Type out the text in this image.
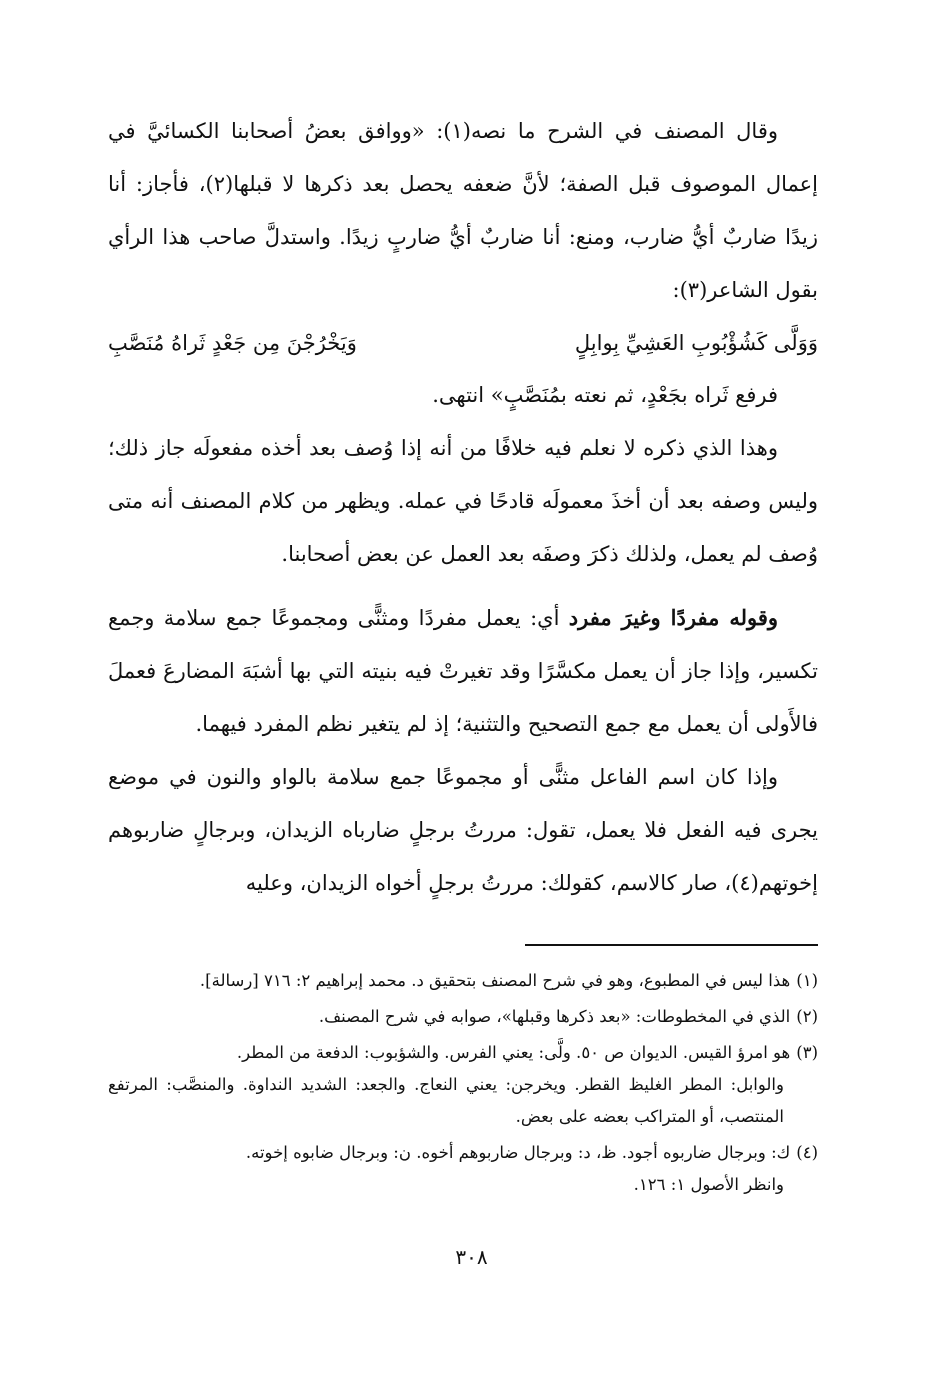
وقال المصنف في الشرح ما نصه(١): «ووافق بعضُ أصحابنا الكسائيَّ في إعمال الموصوف قبل الصفة؛ لأنَّ ضعفه يحصل بعد ذكرها لا قبلها(٢)، فأجاز: أنا زيدًا ضاربٌ أيُّ ضارب، ومنع: أنا ضاربٌ أيُّ ضاربٍ زيدًا. واستدلَّ صاحب هذا الرأي بقول الشاعر(٣):

وَوَلَّى كَشُؤْبُوبِ العَشِيِّ بِوابِلٍ
وَيَخْرُجْنَ مِن جَعْدٍ ثَراهُ مُنَصَّبِ

فرفع ثَراه بجَعْدٍ، ثم نعته بمُنَصَّبٍ» انتهى.

وهذا الذي ذكره لا نعلم فيه خلافًا من أنه إذا وُصف بعد أخذه مفعولَه جاز ذلك؛ وليس وصفه بعد أن أخذَ معمولَه قادحًا في عمله. ويظهر من كلام المصنف أنه متى وُصف لم يعمل، ولذلك ذكرَ وصفَه بعد العمل عن بعض أصحابنا.

وقوله مفردًا وغيرَ مفرد أي: يعمل مفردًا ومثنًّى ومجموعًا جمع سلامة وجمع تكسير، وإذا جاز أن يعمل مكسَّرًا وقد تغيرتْ فيه بنيته التي بها أشبَهَ المضارعَ فعملَ فالأَولى أن يعمل مع جمع التصحيح والتثنية؛ إذ لم يتغير نظم المفرد فيهما.

وإذا كان اسم الفاعل مثنًّى أو مجموعًا جمع سلامة بالواو والنون في موضع يجرى فيه الفعل فلا يعمل، تقول: مررتُ برجلٍ ضارباه الزيدان، وبرجالٍ ضاربوهم إخوتهم(٤)، صار كالاسم، كقولك: مررتُ برجلٍ أخواه الزيدان، وعليه

(١)هذا ليس في المطبوع، وهو في شرح المصنف بتحقيق د. محمد إبراهيم ٢: ٧١٦ [رسالة].

(٢)الذي في المخطوطات: «بعد ذكرها وقبلها»، صوابه في شرح المصنف.

(٣)هو امرؤ القيس. الديوان ص ٥٠. ولَّى: يعني الفرس. والشؤبوب: الدفعة من المطر.
والوابل: المطر الغليظ القطر. ويخرجن: يعني النعاج. والجعد: الشديد النداوة. والمنصَّب: المرتفع المنتصب، أو المتراكب بعضه على بعض.

(٤)ك: وبرجال ضاربوه أجود. ظ، د: وبرجال ضاربوهم أخوه. ن: وبرجال ضابوه إخوته.
وانظر الأصول ١: ١٢٦.

٣٠٨
